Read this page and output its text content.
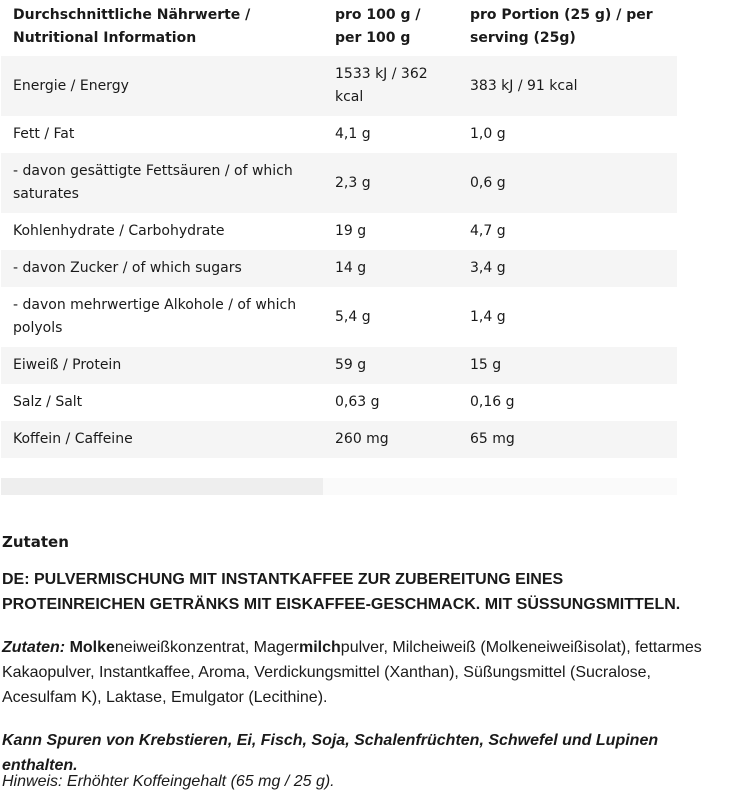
Durchschnittliche Nährwerte / Nutritional Information	pro 100 g / per 100 g	pro Portion (25 g) / per serving (25g)
Energie / Energy	1533 kJ / 362 kcal	383 kJ / 91 kcal
Fett / Fat	4,1 g	1,0 g
- davon gesättigte Fettsäuren / of which saturates	2,3 g	0,6 g
Kohlenhydrate / Carbohydrate	19 g	4,7 g
- davon Zucker / of which sugars	14 g	3,4 g
- davon mehrwertige Alkohole / of which polyols	5,4 g	1,4 g
Eiweiß / Protein	59 g	15 g
Salz / Salt	0,63 g	0,16 g
Koffein / Caffeine	260 mg	65 mg
Zutaten

DE: PULVERMISCHUNG MIT INSTANTKAFFEE ZUR ZUBEREITUNG EINES PROTEINREICHEN GETRÄNKS MIT EISKAFFEE-GESCHMACK. MIT SÜSSUNGSMITTELN.

Zutaten: Molkeneiweißkonzentrat, Magermilchpulver, Milcheiweiß (Molkeneiweißisolat), fettarmes Kakaopulver, Instantkaffee, Aroma, Verdickungsmittel (Xanthan), Süßungsmittel (Sucralose, Acesulfam K), Laktase, Emulgator (Lecithine).

Kann Spuren von Krebstieren, Ei, Fisch, Soja, Schalenfrüchten, Schwefel und Lupinen enthalten.

Hinweis: Erhöhter Koffeingehalt (65 mg / 25 g).
